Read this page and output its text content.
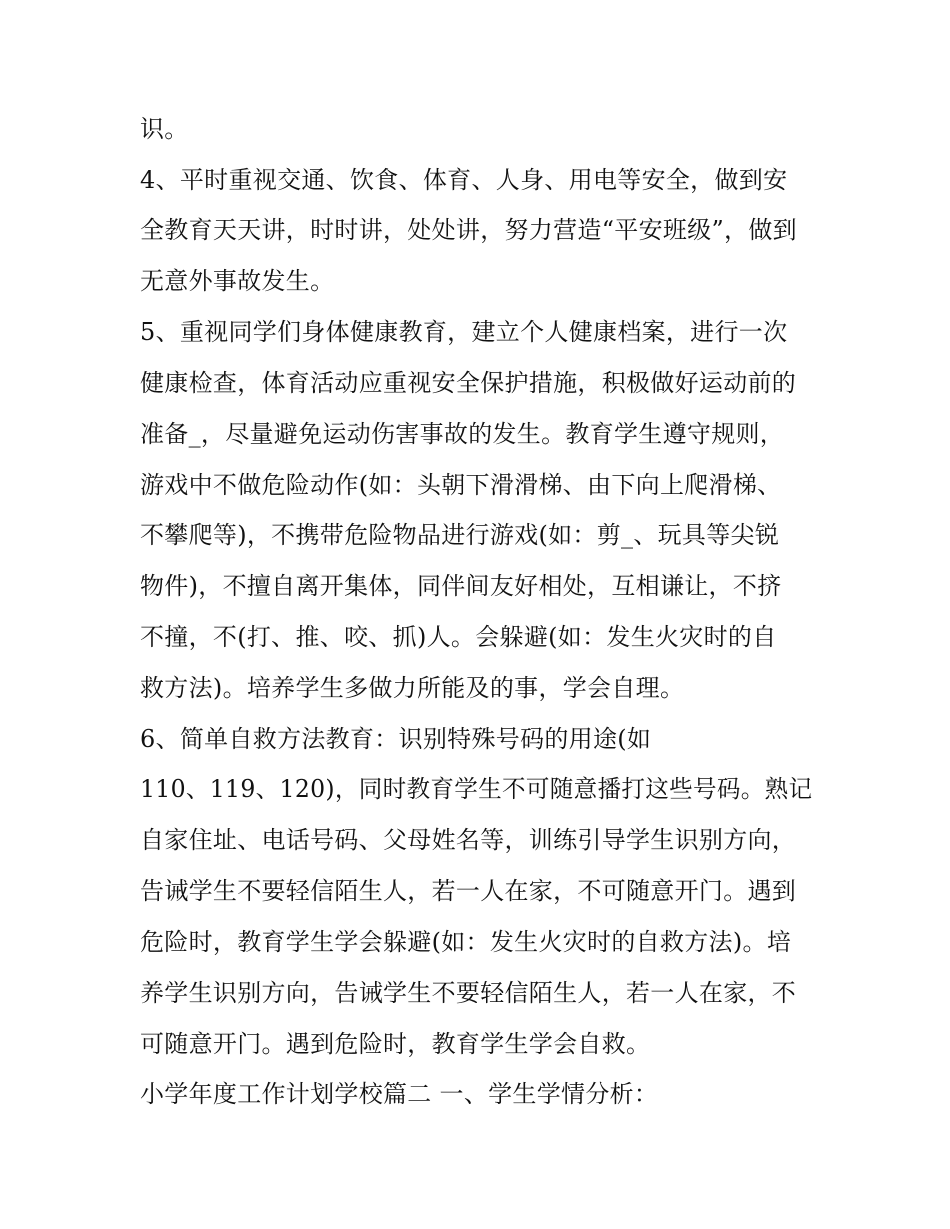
识。
4、平时重视交通、饮食、体育、人身、用电等安全，做到安
全教育天天讲，时时讲，处处讲，努力营造“平安班级”，做到
无意外事故发生。
5、重视同学们身体健康教育，建立个人健康档案，进行一次
健康检查，体育活动应重视安全保护措施，积极做好运动前的
准备_，尽量避免运动伤害事故的发生。教育学生遵守规则，
游戏中不做危险动作(如：头朝下滑滑梯、由下向上爬滑梯、
不攀爬等)，不携带危险物品进行游戏(如：剪_、玩具等尖锐
物件)，不擅自离开集体，同伴间友好相处，互相谦让，不挤
不撞，不(打、推、咬、抓)人。会躲避(如：发生火灾时的自
救方法)。培养学生多做力所能及的事，学会自理。
6、简单自救方法教育：识别特殊号码的用途(如
110、119、120)，同时教育学生不可随意播打这些号码。熟记
自家住址、电话号码、父母姓名等，训练引导学生识别方向，
告诫学生不要轻信陌生人，若一人在家，不可随意开门。遇到
危险时，教育学生学会躲避(如：发生火灾时的自救方法)。培
养学生识别方向，告诫学生不要轻信陌生人，若一人在家，不
可随意开门。遇到危险时，教育学生学会自救。
小学年度工作计划学校篇二 一、学生学情分析：
